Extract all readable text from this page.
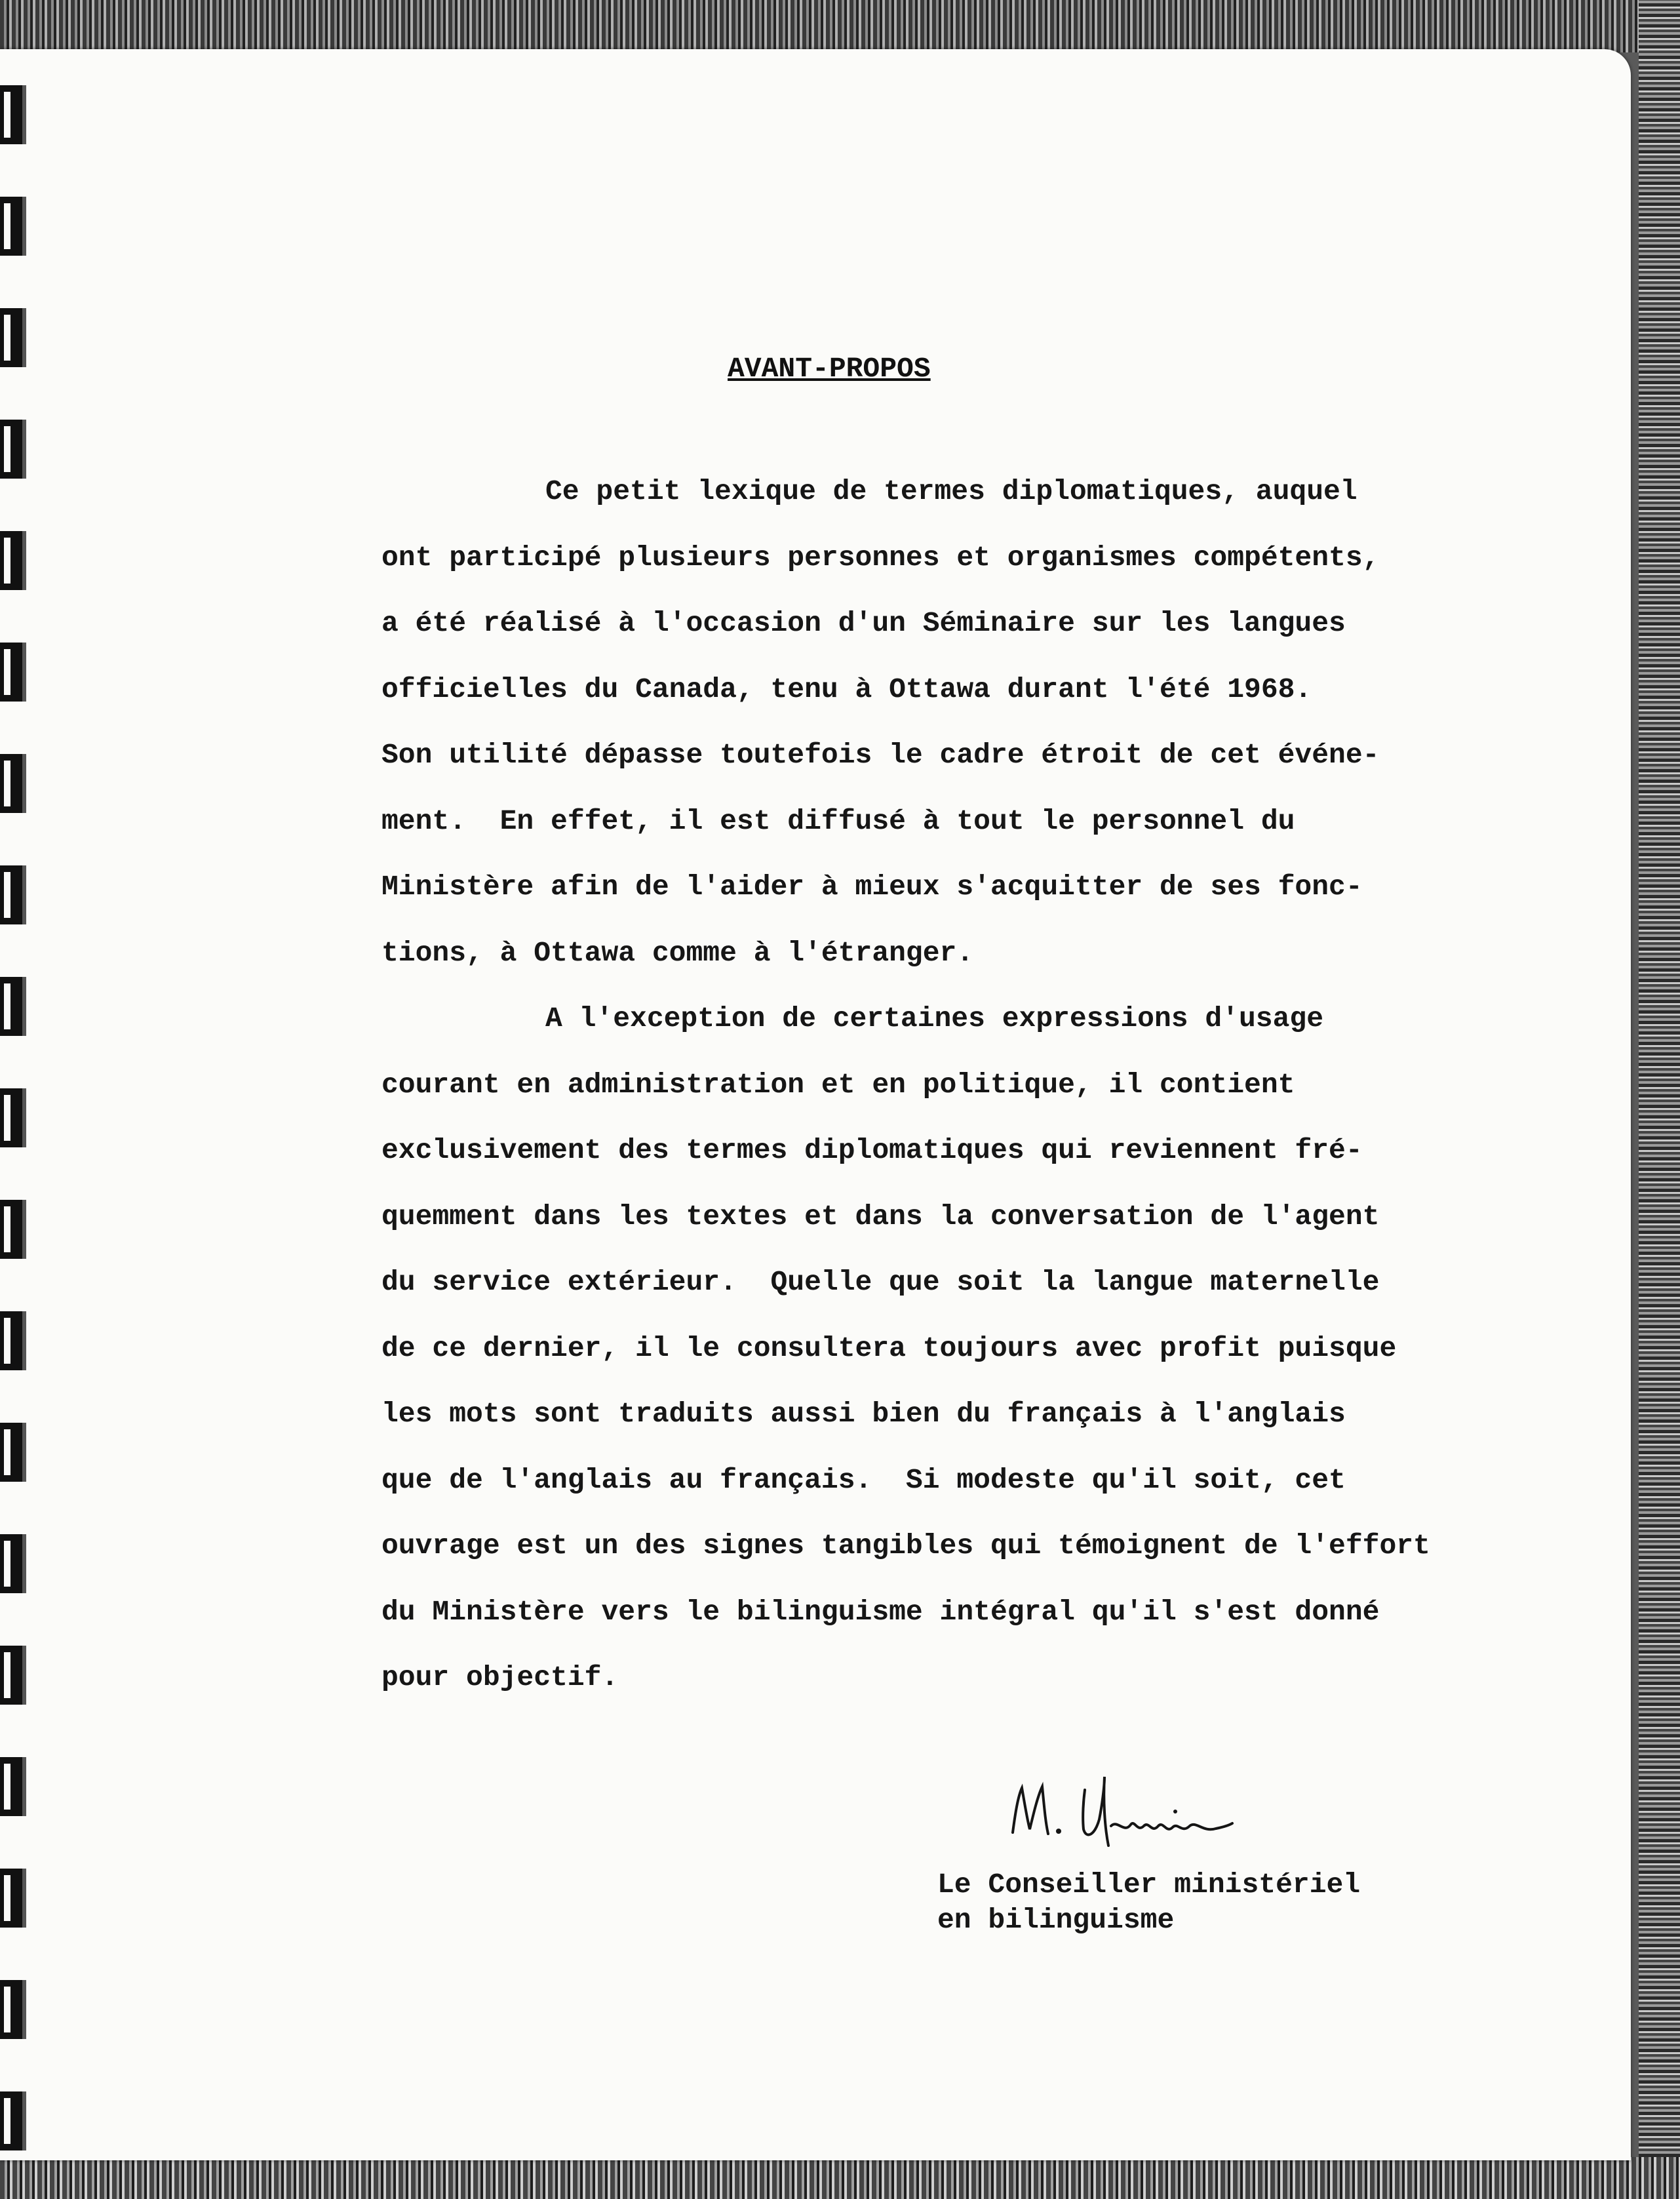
AVANT-PROPOS
Ce petit lexique de termes diplomatiques, auquel
ont participé plusieurs personnes et organismes compétents,
a été réalisé à l'occasion d'un Séminaire sur les langues
officielles du Canada, tenu à Ottawa durant l'été 1968.
Son utilité dépasse toutefois le cadre étroit de cet événe-
ment.  En effet, il est diffusé à tout le personnel du
Ministère afin de l'aider à mieux s'acquitter de ses fonc-
tions, à Ottawa comme à l'étranger.
A l'exception de certaines expressions d'usage
courant en administration et en politique, il contient
exclusivement des termes diplomatiques qui reviennent fré-
quemment dans les textes et dans la conversation de l'agent
du service extérieur.  Quelle que soit la langue maternelle
de ce dernier, il le consultera toujours avec profit puisque
les mots sont traduits aussi bien du français à l'anglais
que de l'anglais au français.  Si modeste qu'il soit, cet
ouvrage est un des signes tangibles qui témoignent de l'effort
du Ministère vers le bilinguisme intégral qu'il s'est donné
pour objectif.
Le Conseiller ministériel
en bilinguisme
